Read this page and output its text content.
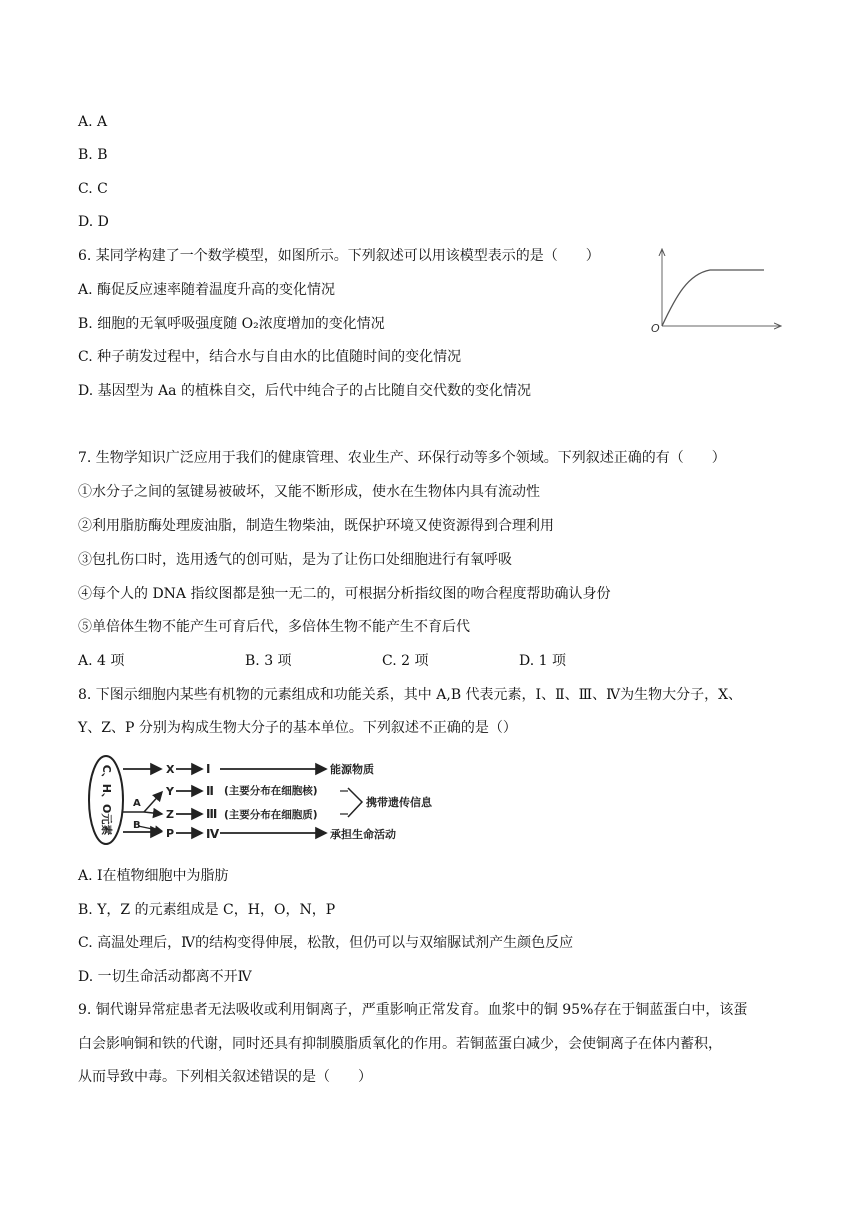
A. A
B. B
C. C
D. D
6. 某同学构建了一个数学模型，如图所示。下列叙述可以用该模型表示的是（　　）
A. 酶促反应速率随着温度升高的变化情况
B. 细胞的无氧呼吸强度随 O₂浓度增加的变化情况
C. 种子萌发过程中，结合水与自由水的比值随时间的变化情况
D. 基因型为 Aa 的植株自交，后代中纯合子的占比随自交代数的变化情况
O
7. 生物学知识广泛应用于我们的健康管理、农业生产、环保行动等多个领域。下列叙述正确的有（　　）
①水分子之间的氢键易被破坏，又能不断形成，使水在生物体内具有流动性
②利用脂肪酶处理废油脂，制造生物柴油，既保护环境又使资源得到合理利用
③包扎伤口时，选用透气的创可贴，是为了让伤口处细胞进行有氧呼吸
④每个人的 DNA 指纹图都是独一无二的，可根据分析指纹图的吻合程度帮助确认身份
⑤单倍体生物不能产生可育后代，多倍体生物不能产生不育后代
A. 4 项	B. 3 项	C. 2 项	D. 1 项
8. 下图示细胞内某些有机物的元素组成和功能关系，其中 A,B 代表元素，Ⅰ、Ⅱ、Ⅲ、Ⅳ为生物大分子，X、
Y、Z、P 分别为构成生物大分子的基本单位。下列叙述不正确的是（）
C、H、O元素 A
B
X
Y
Z
P
Ⅰ
Ⅱ
Ⅲ
Ⅳ
(主要分布在细胞核)
(主要分布在细胞质)
能源物质
携带遗传信息
承担生命活动
A. Ⅰ在植物细胞中为脂肪
B. Y，Z 的元素组成是 C，H，O，N，P
C. 高温处理后，Ⅳ的结构变得伸展，松散，但仍可以与双缩脲试剂产生颜色反应
D. 一切生命活动都离不开Ⅳ
9. 铜代谢异常症患者无法吸收或利用铜离子，严重影响正常发育。血浆中的铜 95%存在于铜蓝蛋白中，该蛋
白会影响铜和铁的代谢，同时还具有抑制膜脂质氧化的作用。若铜蓝蛋白减少，会使铜离子在体内蓄积，
从而导致中毒。下列相关叙述错误的是（　　）
